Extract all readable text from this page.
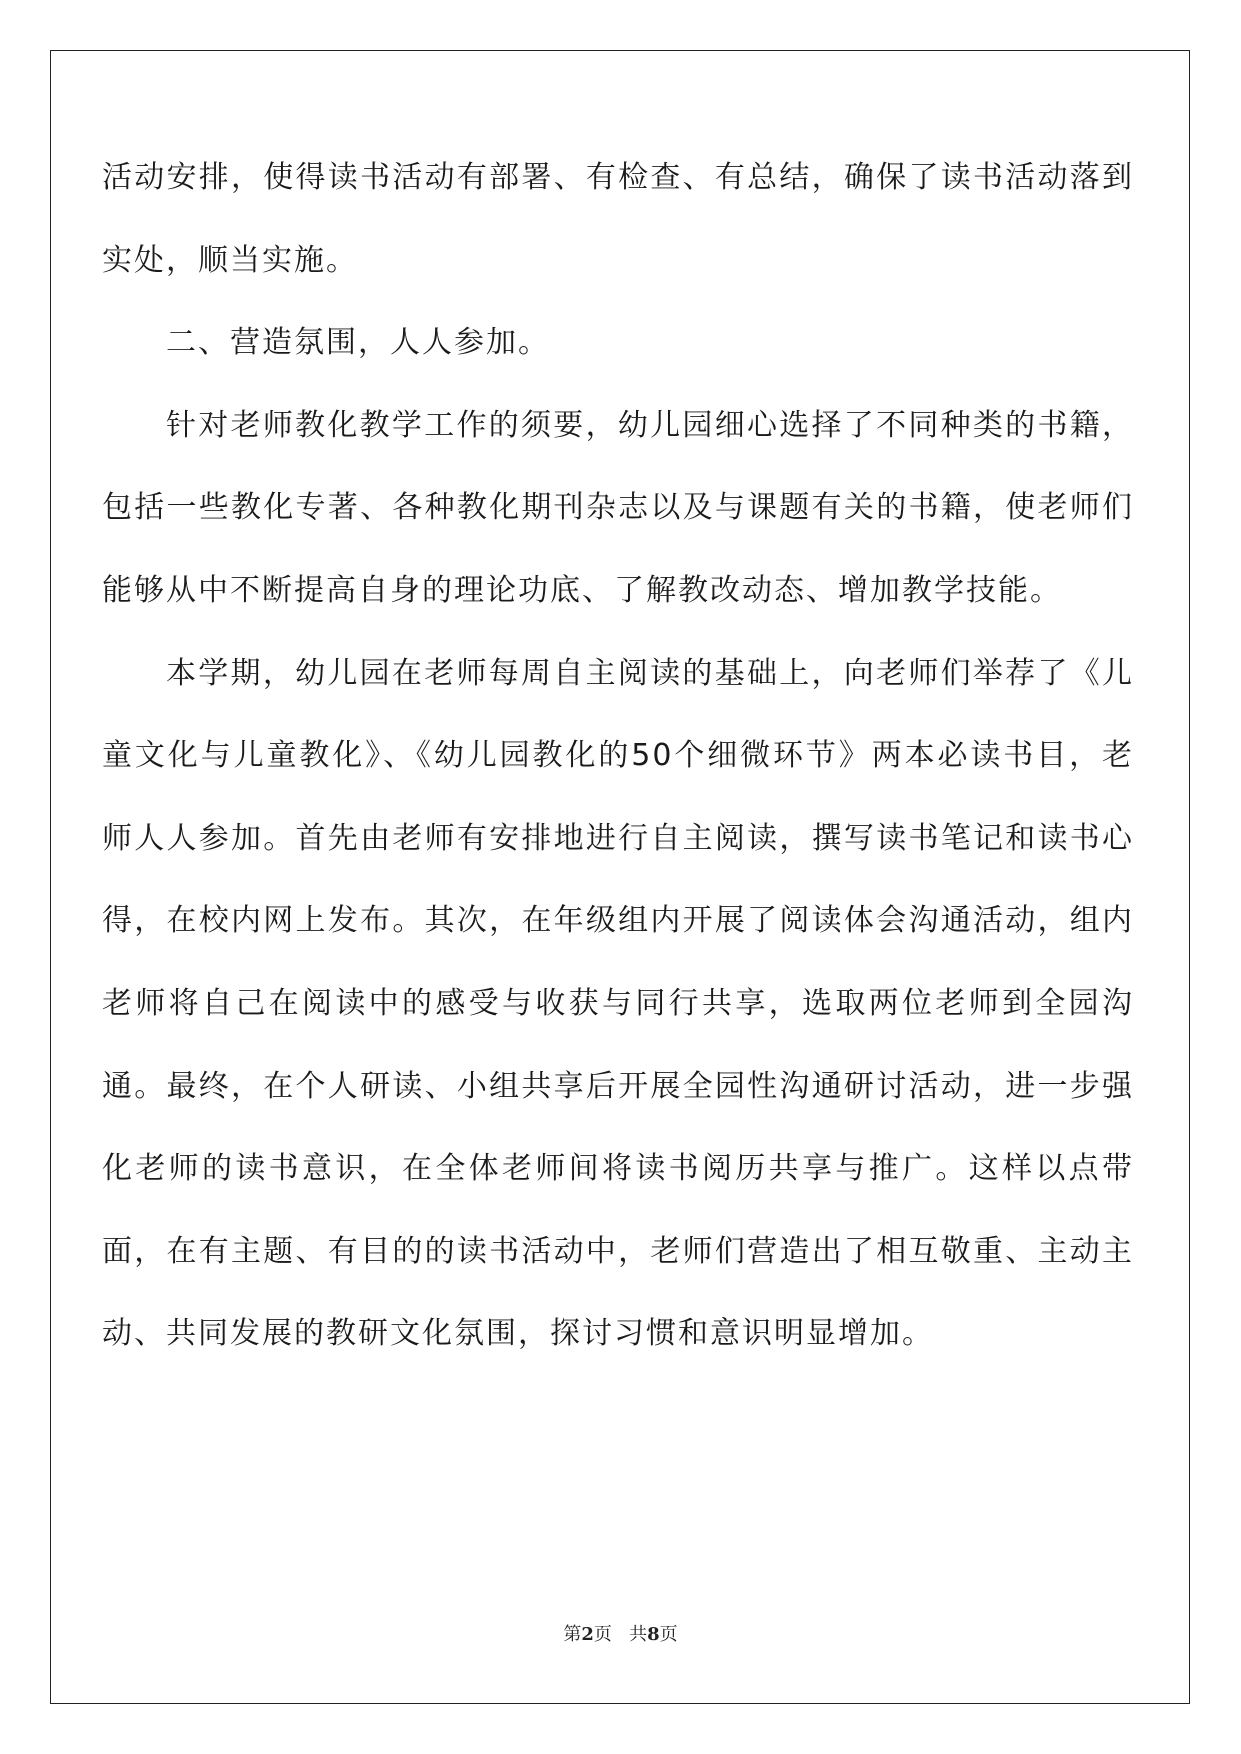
活动安排，使得读书活动有部署、有检查、有总结，确保了读书活动落到实处，顺当实施。

二、营造氛围，人人参加。

针对老师教化教学工作的须要，幼儿园细心选择了不同种类的书籍，包括一些教化专著、各种教化期刊杂志以及与课题有关的书籍，使老师们能够从中不断提高自身的理论功底、了解教改动态、增加教学技能。

本学期，幼儿园在老师每周自主阅读的基础上，向老师们举荐了《儿童文化与儿童教化》、《幼儿园教化的50个细微环节》两本必读书目，老师人人参加。首先由老师有安排地进行自主阅读，撰写读书笔记和读书心得，在校内网上发布。其次，在年级组内开展了阅读体会沟通活动，组内老师将自己在阅读中的感受与收获与同行共享，选取两位老师到全园沟通。最终，在个人研读、小组共享后开展全园性沟通研讨活动，进一步强化老师的读书意识，在全体老师间将读书阅历共享与推广。这样以点带面，在有主题、有目的的读书活动中，老师们营造出了相互敬重、主动主动、共同发展的教研文化氛围，探讨习惯和意识明显增加。

第2页   共8页
